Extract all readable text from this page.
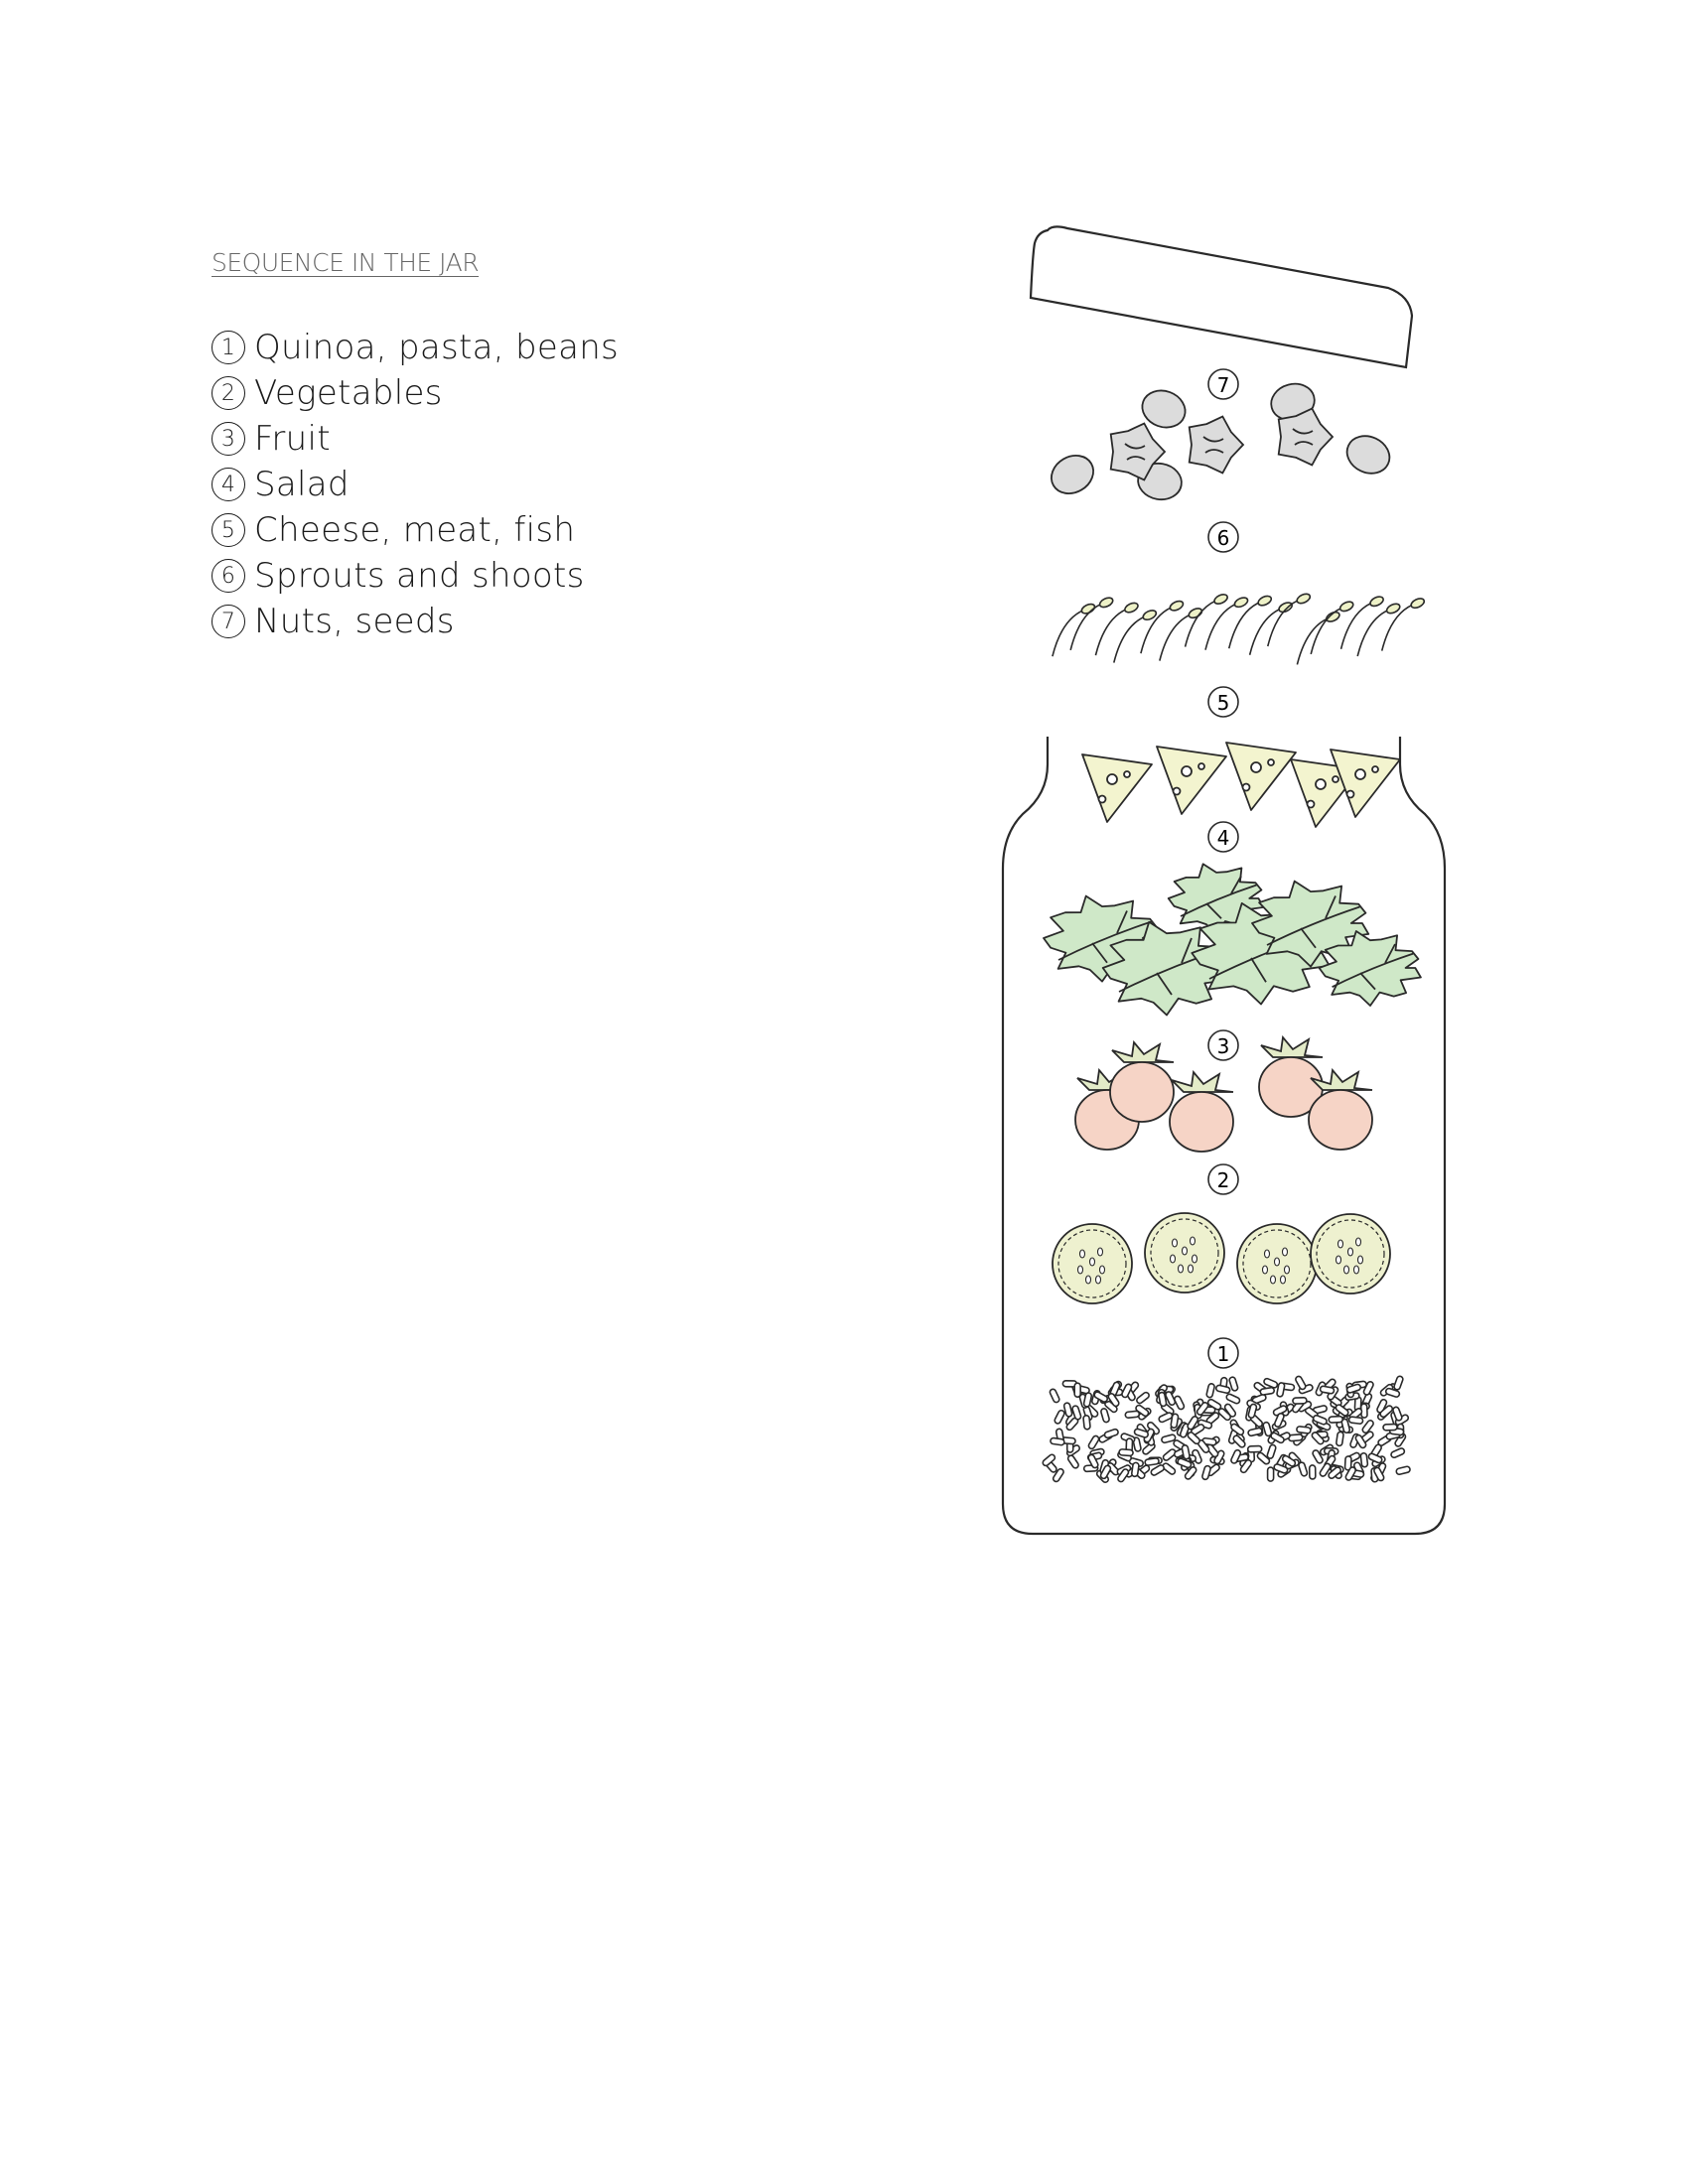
SEQUENCE IN THE JAR
1 Quinoa, pasta, beans
2 Vegetables
3 Fruit
4 Salad
5 Cheese, meat, fish
6 Sprouts and shoots
7 Nuts, seeds
7
6
5
4
3
2
1
